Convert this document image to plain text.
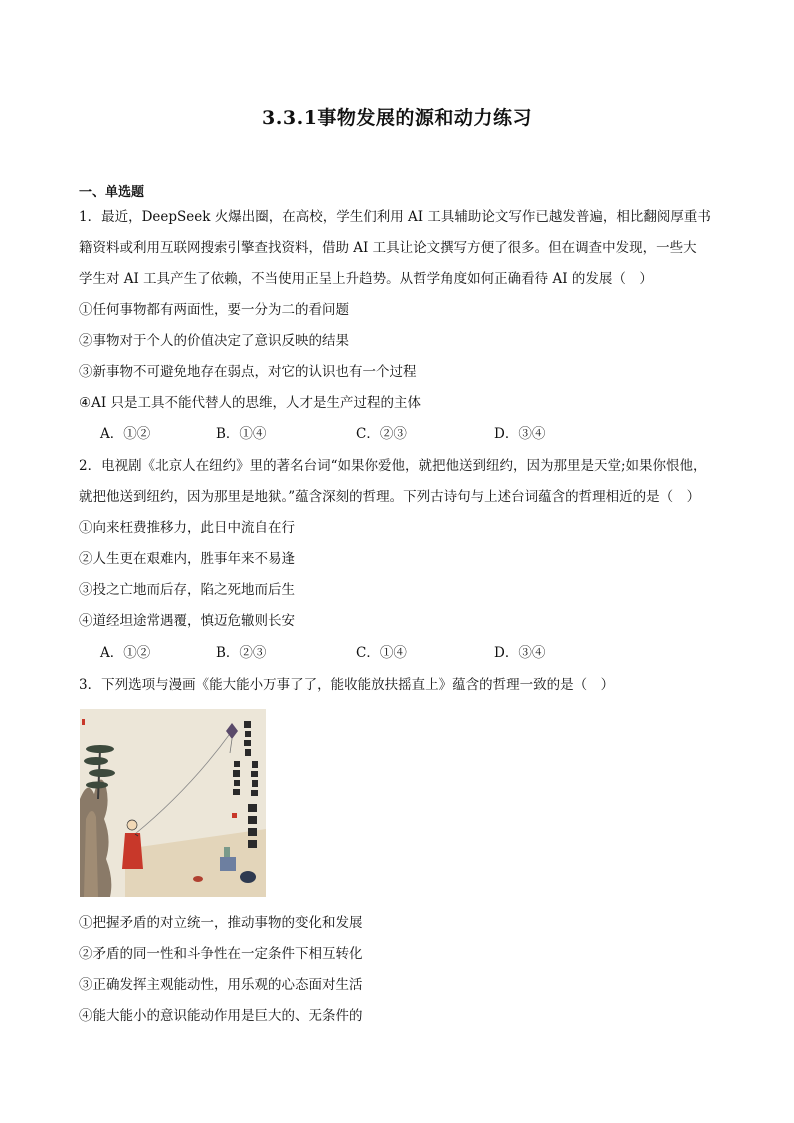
3.3.1事物发展的源和动力练习
一、单选题
1．最近，DeepSeek 火爆出圈，在高校，学生们利用 AI 工具辅助论文写作已越发普遍，相比翻阅厚重书
籍资料或利用互联网搜索引擎查找资料，借助 AI 工具让论文撰写方便了很多。但在调查中发现，一些大
学生对 AI 工具产生了依赖，不当使用正呈上升趋势。从哲学角度如何正确看待 AI 的发展（　）
①任何事物都有两面性，要一分为二的看问题
②事物对于个人的价值决定了意识反映的结果
③新事物不可避免地存在弱点，对它的认识也有一个过程
④AI 只是工具不能代替人的思维，人才是生产过程的主体
A．①②	B．①④	C．②③	D．③④
2．电视剧《北京人在纽约》里的著名台词“如果你爱他，就把他送到纽约，因为那里是天堂;如果你恨他，
就把他送到纽约，因为那里是地狱。”蕴含深刻的哲理。下列古诗句与上述台词蕴含的哲理相近的是（　）
①向来枉费推移力，此日中流自在行
②人生更在艰难内，胜事年来不易逢
③投之亡地而后存，陷之死地而后生
④道经坦途常遇覆，慎迈危辙则长安
A．①②	B．②③	C．①④	D．③④
3．下列选项与漫画《能大能小万事了了，能收能放扶摇直上》蕴含的哲理一致的是（　）
①把握矛盾的对立统一，推动事物的变化和发展
②矛盾的同一性和斗争性在一定条件下相互转化
③正确发挥主观能动性，用乐观的心态面对生活
④能大能小的意识能动作用是巨大的、无条件的
